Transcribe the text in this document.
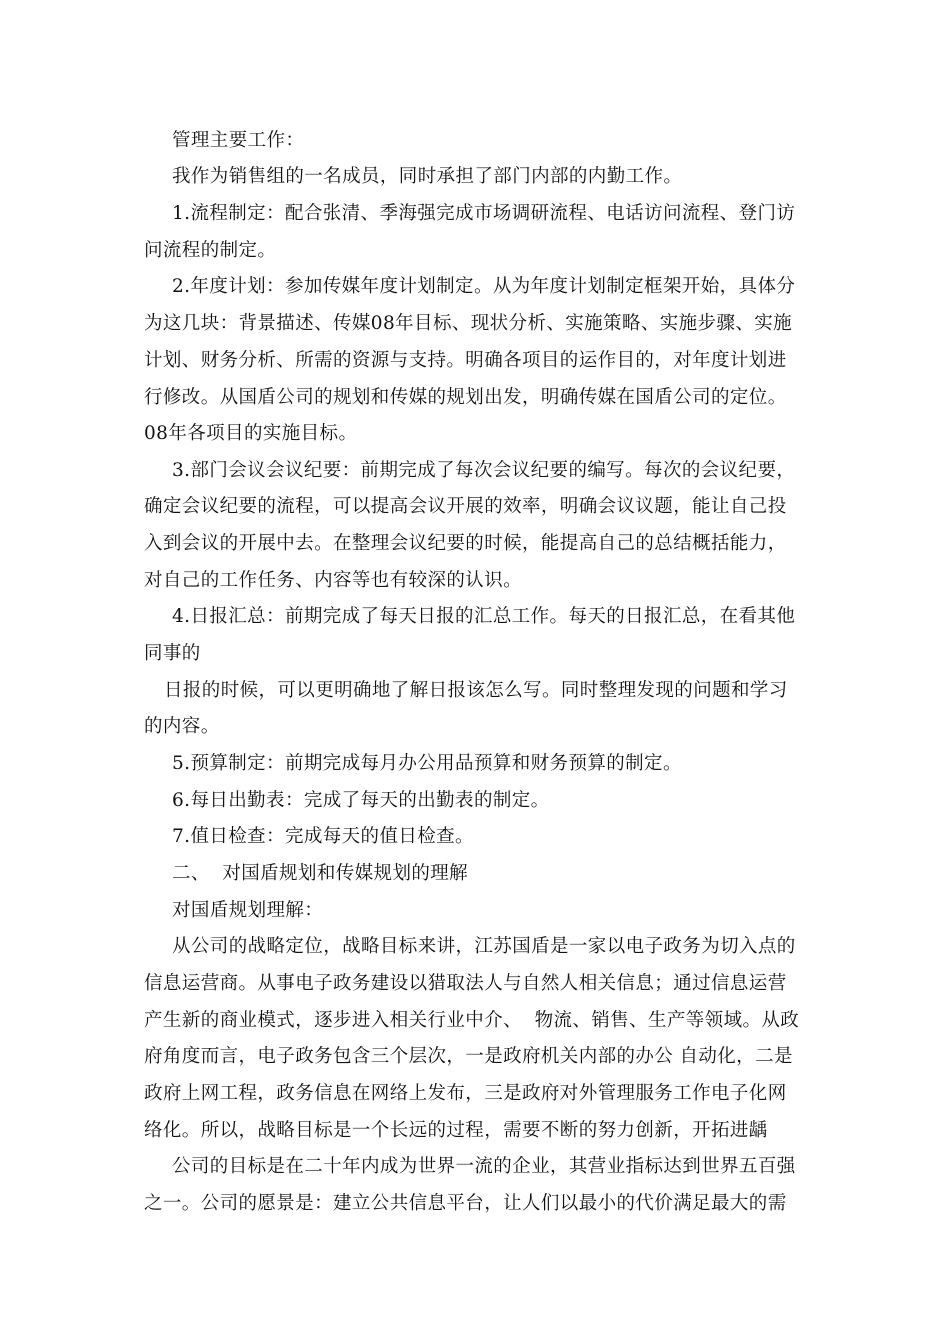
管理主要工作：
我作为销售组的一名成员，同时承担了部门内部的内勤工作。
1.流程制定：配合张清、季海强完成市场调研流程、电话访问流程、登门访
问流程的制定。
2.年度计划：参加传媒年度计划制定。从为年度计划制定框架开始，具体分
为这几块：背景描述、传媒08年目标、现状分析、实施策略、实施步骤、实施
计划、财务分析、所需的资源与支持。明确各项目的运作目的，对年度计划进
行修改。从国盾公司的规划和传媒的规划出发，明确传媒在国盾公司的定位。
08年各项目的实施目标。
3.部门会议会议纪要：前期完成了每次会议纪要的编写。每次的会议纪要，
确定会议纪要的流程，可以提高会议开展的效率，明确会议议题，能让自己投
入到会议的开展中去。在整理会议纪要的时候，能提高自己的总结概括能力，
对自己的工作任务、内容等也有较深的认识。
4.日报汇总：前期完成了每天日报的汇总工作。每天的日报汇总，在看其他
同事的
日报的时候，可以更明确地了解日报该怎么写。同时整理发现的问题和学习
的内容。
5.预算制定：前期完成每月办公用品预算和财务预算的制定。
6.每日出勤表：完成了每天的出勤表的制定。
7.值日检查：完成每天的值日检查。
二、  对国盾规划和传媒规划的理解
对国盾规划理解：
从公司的战略定位，战略目标来讲，江苏国盾是一家以电子政务为切入点的
信息运营商。从事电子政务建设以猎取法人与自然人相关信息；通过信息运营
产生新的商业模式，逐步进入相关行业中介、  物流、销售、生产等领域。从政
府角度而言，电子政务包含三个层次，一是政府机关内部的办公 自动化，二是
政府上网工程，政务信息在网络上发布，三是政府对外管理服务工作电子化网
络化。所以，战略目标是一个长远的过程，需要不断的努力创新，开拓进龋
公司的目标是在二十年内成为世界一流的企业，其营业指标达到世界五百强
之一。公司的愿景是：建立公共信息平台，让人们以最小的代价满足最大的需
